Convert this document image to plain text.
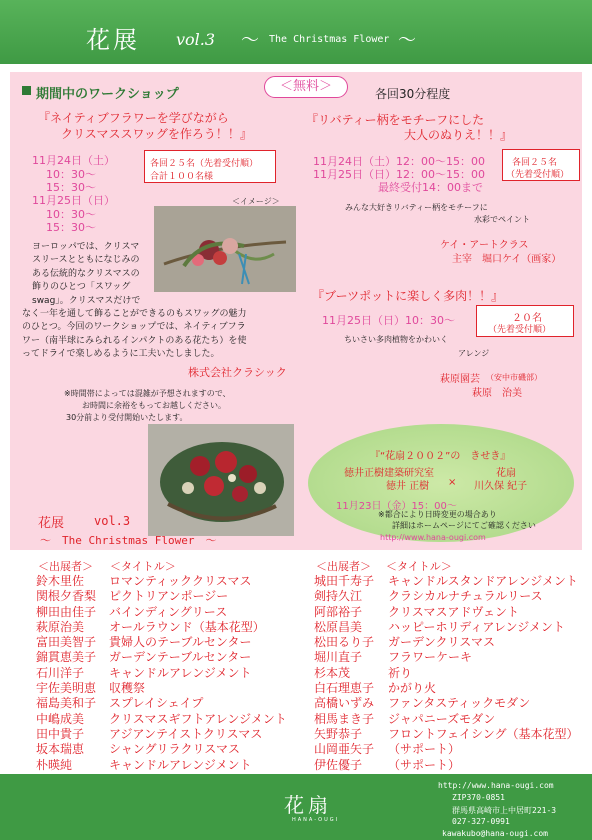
花展 vol.3 〜 The Christmas Flower 〜
期間中のワークショップ
＜無料＞	各回30分程度
『ネイティブフラワーを学びながら
クリスマススワッグを作ろう！！』
11月24日（土）
10：30〜
15：30〜
11月25日（日）
10：30〜
15：30〜
各回２５名（先着受付順）
合計１００名様
＜イメージ＞
ヨーロッパでは、クリスマ
スリースとともになじみの
ある伝統的なクリスマスの
飾りのひとつ「スワッグ
swag」。クリスマスだけで
なく一年を通して飾ることができるのもスワッグの魅力
のひとつ。今回のワークショップでは、ネイティブフラ
ワー（南半球にみられるインパクトのある花たち）を使
ってドライで楽しめるように工夫いたしました。
株式会社クラシック
※時間帯によっては混雑が予想されますので、
お時間に余裕をもってお越しください。
30分前より受付開始いたします。
『リバティー柄をモチーフにした
大人のぬりえ！！』
11月24日（土）12：00〜15：00
11月25日（日）12：00〜15：00
最終受付14：00まで
各回２５名
（先着受付順）
みんな大好きリバティー柄をモチーフに
水彩でペイント
ケイ・アートクラス
主宰　堀口ケイ（画家）
『ブーツポットに楽しく多肉！！』
11月25日（日）10：30〜	２０名
（先着受付順）
ちいさい多肉植物をかわいく
アレンジ
萩原園芸 （安中市磯部）
萩原　治美
『“花扇２００２”の　きせき』
徳井正樹建築研究室	花扇
徳井 正樹 × 川久保 紀子
11月23日（金）15：00〜
※都合により日時変更の場合あり
詳細はホームページにてご確認ください
http://www.hana-ougi.com
花展 vol.3
〜　The Christmas Flower　〜
＜出展者＞ ＜タイトル＞	＜出展者＞ ＜タイトル＞
鈴木里佐	ロマンティッククリスマス
関根夕香梨	ピクトリアンポージー
柳田由佳子	バインディングリース
萩原治美	オールラウンド（基本花型）
富田美智子	貴婦人のテーブルセンター
錦貫恵美子	ガーデンテーブルセンター
石川洋子	キャンドルアレンジメント
宇佐美明恵	収穫祭
福島美和子	スプレイシェイプ
中嶋成美	クリスマスギフトアレンジメント
田中貴子	アジアンテイストクリスマス
坂本瑞恵	シャングリラクリスマス
朴暎純	キャンドルアレンジメント
城田千寿子	キャンドルスタンドアレンジメント
剣持久江	クラシカルナチュラルリース
阿部裕子	クリスマスアドヴェント
松原昌美	ハッピーホリディアレンジメント
松田るり子	ガーデンクリスマス
堀川直子	フラワーケーキ
杉本茂	祈り
白石理恵子	かがり火
高橋いずみ	ファンタスティックモダン
相馬まき子	ジャパニーズモダン
矢野恭子	フロントフェイシング（基本花型）
山岡亜矢子	（サポート）
伊佐優子	（サポート）
花扇
HANA-OUGI
http://www.hana-ougi.com
ZIP370-0851
群馬県高崎市上中居町221-3
027-327-0991
kawakubo@hana-ougi.com
